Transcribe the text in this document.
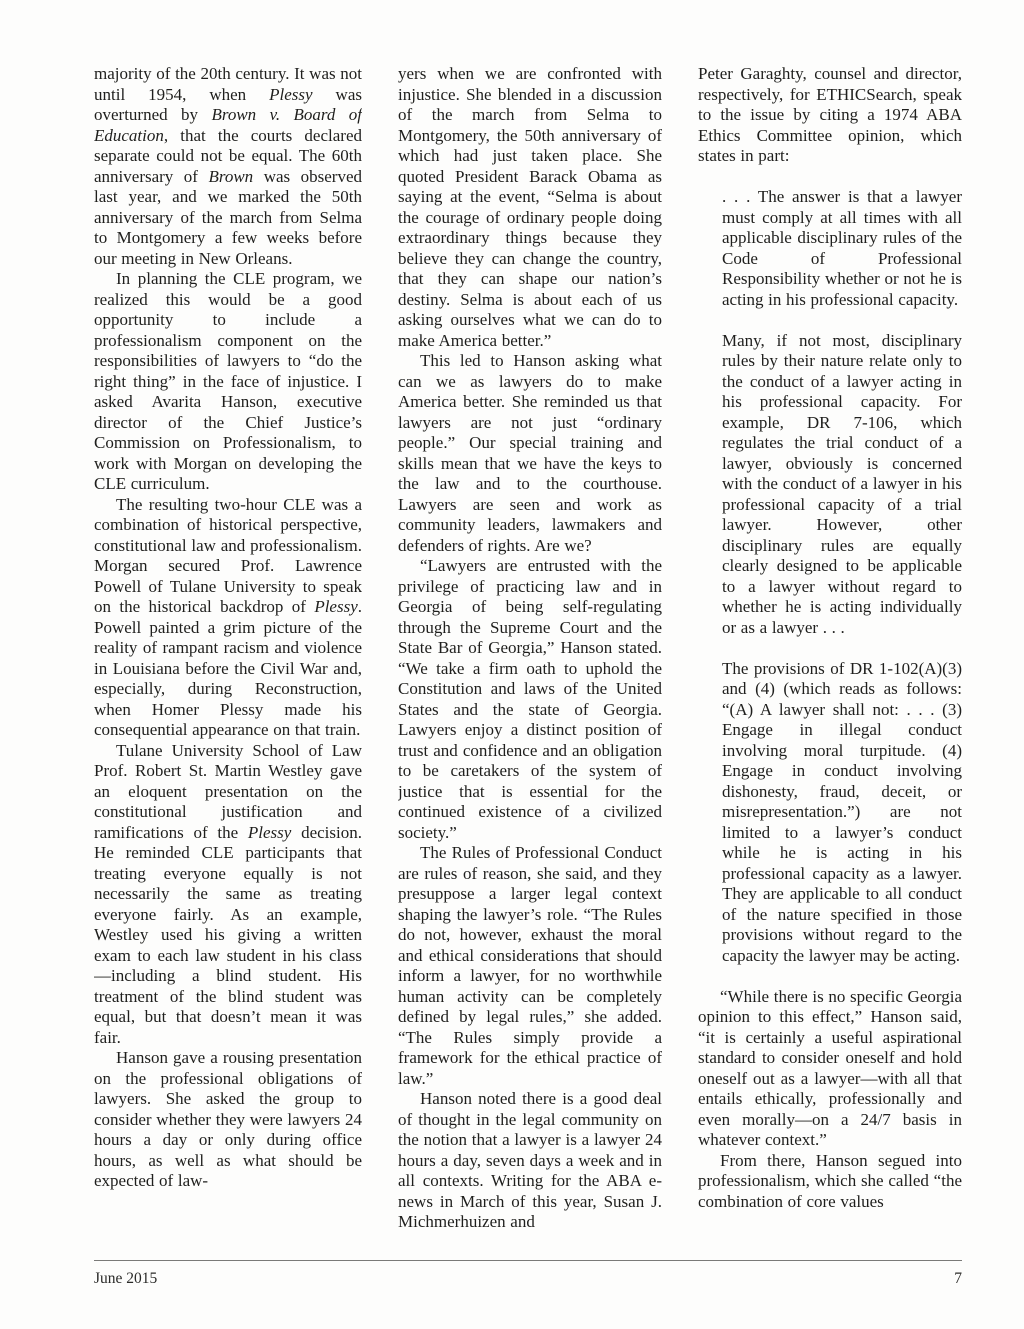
majority of the 20th century. It was not until 1954, when Plessy was overturned by Brown v. Board of Education, that the courts declared separate could not be equal. The 60th anniversary of Brown was observed last year, and we marked the 50th anniversary of the march from Selma to Montgomery a few weeks before our meeting in New Orleans.

In planning the CLE program, we realized this would be a good opportunity to include a professionalism component on the responsibilities of lawyers to “do the right thing” in the face of injustice. I asked Avarita Hanson, executive director of the Chief Justice’s Commission on Professionalism, to work with Morgan on developing the CLE curriculum.

The resulting two-hour CLE was a combination of historical perspective, constitutional law and professionalism. Morgan secured Prof. Lawrence Powell of Tulane University to speak on the historical backdrop of Plessy. Powell painted a grim picture of the reality of rampant racism and violence in Louisiana before the Civil War and, especially, during Reconstruction, when Homer Plessy made his consequential appearance on that train.

Tulane University School of Law Prof. Robert St. Martin Westley gave an eloquent presentation on the constitutional justification and ramifications of the Plessy decision. He reminded CLE participants that treating everyone equally is not necessarily the same as treating everyone fairly. As an example, Westley used his giving a written exam to each law student in his class—including a blind student. His treatment of the blind student was equal, but that doesn’t mean it was fair.

Hanson gave a rousing presentation on the professional obligations of lawyers. She asked the group to consider whether they were lawyers 24 hours a day or only during office hours, as well as what should be expected of law-

yers when we are confronted with injustice. She blended in a discussion of the march from Selma to Montgomery, the 50th anniversary of which had just taken place. She quoted President Barack Obama as saying at the event, “Selma is about the courage of ordinary people doing extraordinary things because they believe they can change the country, that they can shape our nation’s destiny. Selma is about each of us asking ourselves what we can do to make America better.”

This led to Hanson asking what can we as lawyers do to make America better. She reminded us that lawyers are not just “ordinary people.” Our special training and skills mean that we have the keys to the law and to the courthouse. Lawyers are seen and work as community leaders, lawmakers and defenders of rights. Are we?

“Lawyers are entrusted with the privilege of practicing law and in Georgia of being self-regulating through the Supreme Court and the State Bar of Georgia,” Hanson stated. “We take a firm oath to uphold the Constitution and laws of the United States and the state of Georgia. Lawyers enjoy a distinct position of trust and confidence and an obligation to be caretakers of the system of justice that is essential for the continued existence of a civilized society.”

The Rules of Professional Conduct are rules of reason, she said, and they presuppose a larger legal context shaping the lawyer’s role. “The Rules do not, however, exhaust the moral and ethical considerations that should inform a lawyer, for no worthwhile human activity can be completely defined by legal rules,” she added. “The Rules simply provide a framework for the ethical practice of law.”

Hanson noted there is a good deal of thought in the legal community on the notion that a lawyer is a lawyer 24 hours a day, seven days a week and in all contexts. Writing for the ABA e-news in March of this year, Susan J. Michmerhuizen and

Peter Garaghty, counsel and director, respectively, for ETHICSearch, speak to the issue by citing a 1974 ABA Ethics Committee opinion, which states in part:

. . . The answer is that a lawyer must comply at all times with all applicable disciplinary rules of the Code of Professional Responsibility whether or not he is acting in his professional capacity.

Many, if not most, disciplinary rules by their nature relate only to the conduct of a lawyer acting in his professional capacity. For example, DR 7-106, which regulates the trial conduct of a lawyer, obviously is concerned with the conduct of a lawyer in his professional capacity of a trial lawyer. However, other disciplinary rules are equally clearly designed to be applicable to a lawyer without regard to whether he is acting individually or as a lawyer . . .

The provisions of DR 1-102(A)(3) and (4) (which reads as follows: “(A) A lawyer shall not: . . . (3) Engage in illegal conduct involving moral turpitude. (4) Engage in conduct involving dishonesty, fraud, deceit, or misrepresentation.”) are not limited to a lawyer’s conduct while he is acting in his professional capacity as a lawyer. They are applicable to all conduct of the nature specified in those provisions without regard to the capacity the lawyer may be acting.

“While there is no specific Georgia opinion to this effect,” Hanson said, “it is certainly a useful aspirational standard to consider oneself and hold oneself out as a lawyer—with all that entails ethically, professionally and even morally—on a 24/7 basis in whatever context.”

From there, Hanson segued into professionalism, which she called “the combination of core values

June 2015	7
